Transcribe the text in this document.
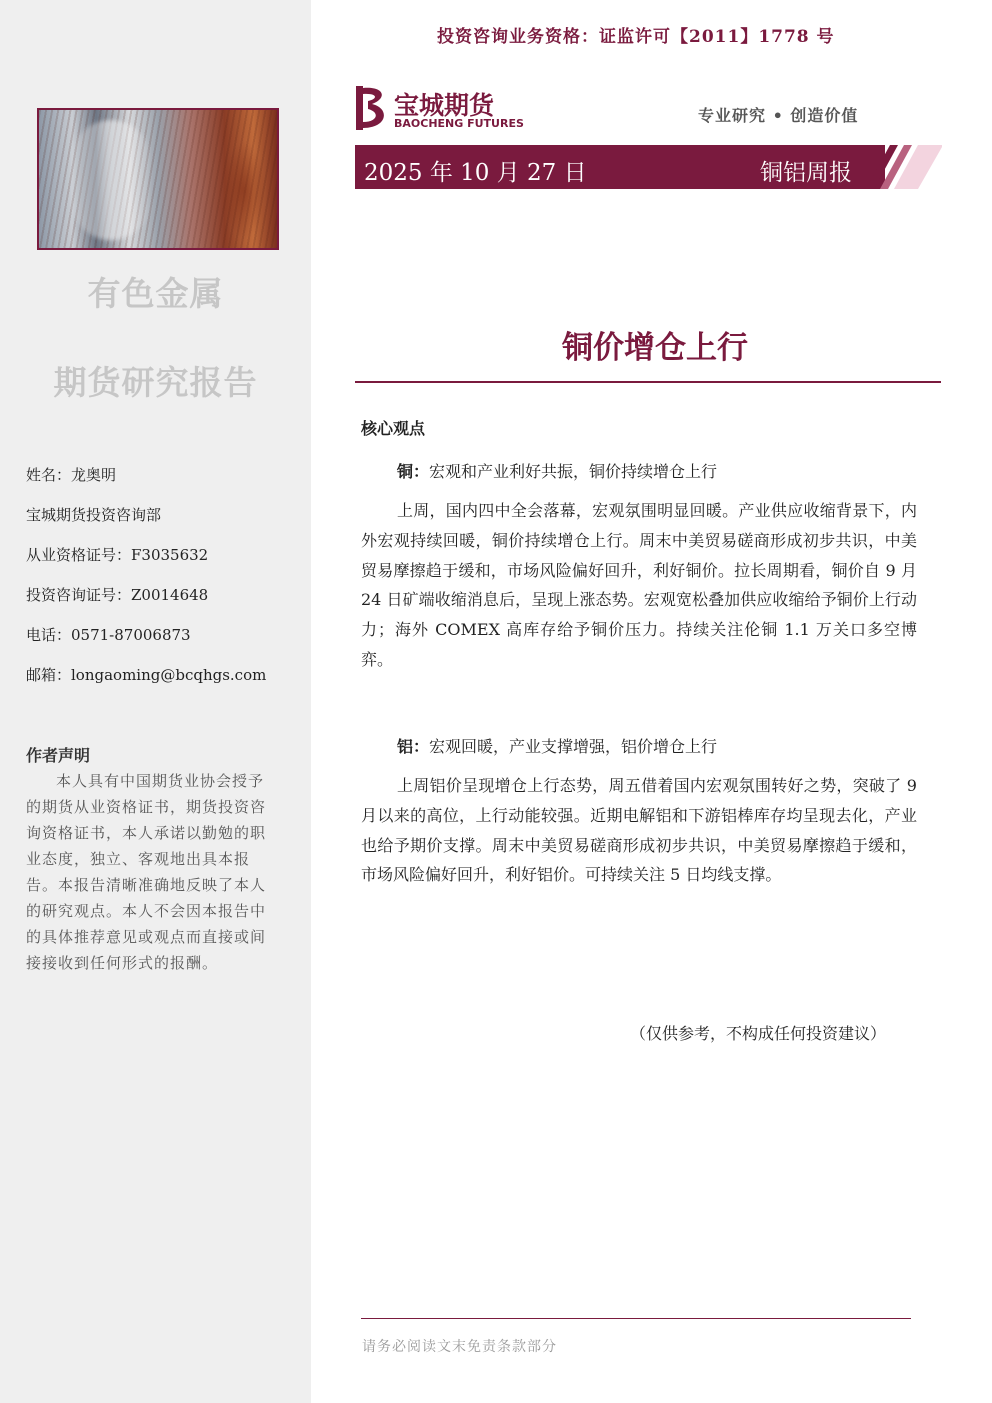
有色金属
期货研究报告
姓名：龙奥明
宝城期货投资咨询部
从业资格证号：F3035632
投资咨询证号：Z0014648
电话：0571-87006873
邮箱：longaoming@bcqhgs.com
作者声明
本人具有中国期货业协会授予的期货从业资格证书，期货投资咨询资格证书，本人承诺以勤勉的职业态度，独立、客观地出具本报告。本报告清晰准确地反映了本人的研究观点。本人不会因本报告中的具体推荐意见或观点而直接或间接接收到任何形式的报酬。
投资咨询业务资格：证监许可【2011】1778 号
宝城期货
BAOCHENG FUTURES	专业研究 • 创造价值
2025 年 10 月 27 日	铜铝周报
铜价增仓上行
核心观点
铜：宏观和产业利好共振，铜价持续增仓上行
上周，国内四中全会落幕，宏观氛围明显回暖。产业供应收缩背景下，内外宏观持续回暖，铜价持续增仓上行。周末中美贸易磋商形成初步共识，中美贸易摩擦趋于缓和，市场风险偏好回升，利好铜价。拉长周期看，铜价自 9 月 24 日矿端收缩消息后，呈现上涨态势。宏观宽松叠加供应收缩给予铜价上行动力；海外 COMEX 高库存给予铜价压力。持续关注伦铜 1.1 万关口多空博弈。
铝：宏观回暖，产业支撑增强，铝价增仓上行
上周铝价呈现增仓上行态势，周五借着国内宏观氛围转好之势，突破了 9 月以来的高位，上行动能较强。近期电解铝和下游铝棒库存均呈现去化，产业也给予期价支撑。周末中美贸易磋商形成初步共识，中美贸易摩擦趋于缓和，市场风险偏好回升，利好铝价。可持续关注 5 日均线支撑。
（仅供参考，不构成任何投资建议）
请务必阅读文末免责条款部分
